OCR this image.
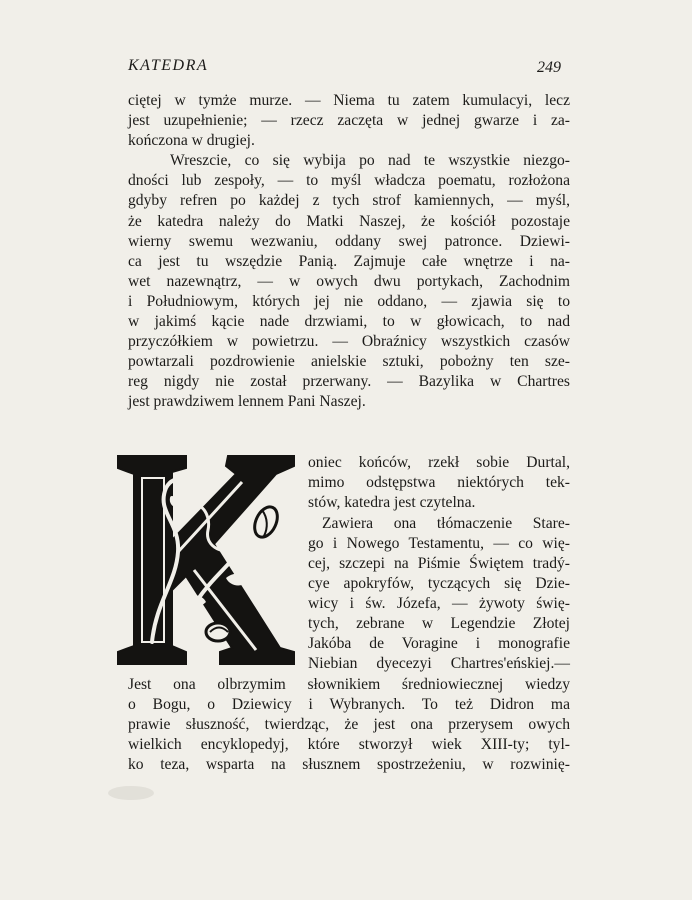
KATEDRA	249
ciętej w tymże murze. — Niema tu zatem kumulacyi, lecz
jest uzupełnienie; — rzecz zaczęta w jednej gwarze i za-
kończona w drugiej.
Wreszcie, co się wybija po nad te wszystkie niezgo-
dności lub zespoły, — to myśl władcza poematu, rozłożona
gdyby refren po każdej z tych strof kamiennych, — myśl,
że katedra należy do Matki Naszej, że kościół pozostaje
wierny swemu wezwaniu, oddany swej patronce. Dziewi-
ca jest tu wszędzie Panią. Zajmuje całe wnętrze i na-
wet nazewnątrz, — w owych dwu portykach, Zachodnim
i Południowym, których jej nie oddano, — zjawia się to
w jakimś kącie nade drzwiami, to w głowicach, to nad
przyczółkiem w powietrzu. — Obraźnicy wszystkich czasów
powtarzali pozdrowienie anielskie sztuki, pobożny ten sze-
reg nigdy nie został przerwany. — Bazylika w Chartres
jest prawdziwem lennem Pani Naszej.
oniec końców, rzekł sobie Durtal,
mimo odstępstwa niektórych tek-
stów, katedra jest czytelna.
Zawiera ona tłómaczenie Stare-
go i Nowego Testamentu, — co wię-
cej, szczepi na Piśmie Świętem tradý-
cye apokryfów, tyczących się Dzie-
wicy i św. Józefa, — żywoty świę-
tych, zebrane w Legendzie Złotej
Jakóba de Voragine i monografie
Niebian dyecezyi Chartres'eńskiej.—
Jest ona olbrzymim słownikiem średniowiecznej wiedzy
o Bogu, o Dziewicy i Wybranych. To też Didron ma
prawie słuszność, twierdząc, że jest ona przerysem owych
wielkich encyklopedyj, które stworzył wiek XIII-ty; tyl-
ko teza, wsparta na słusznem spostrzeżeniu, w rozwinię-
